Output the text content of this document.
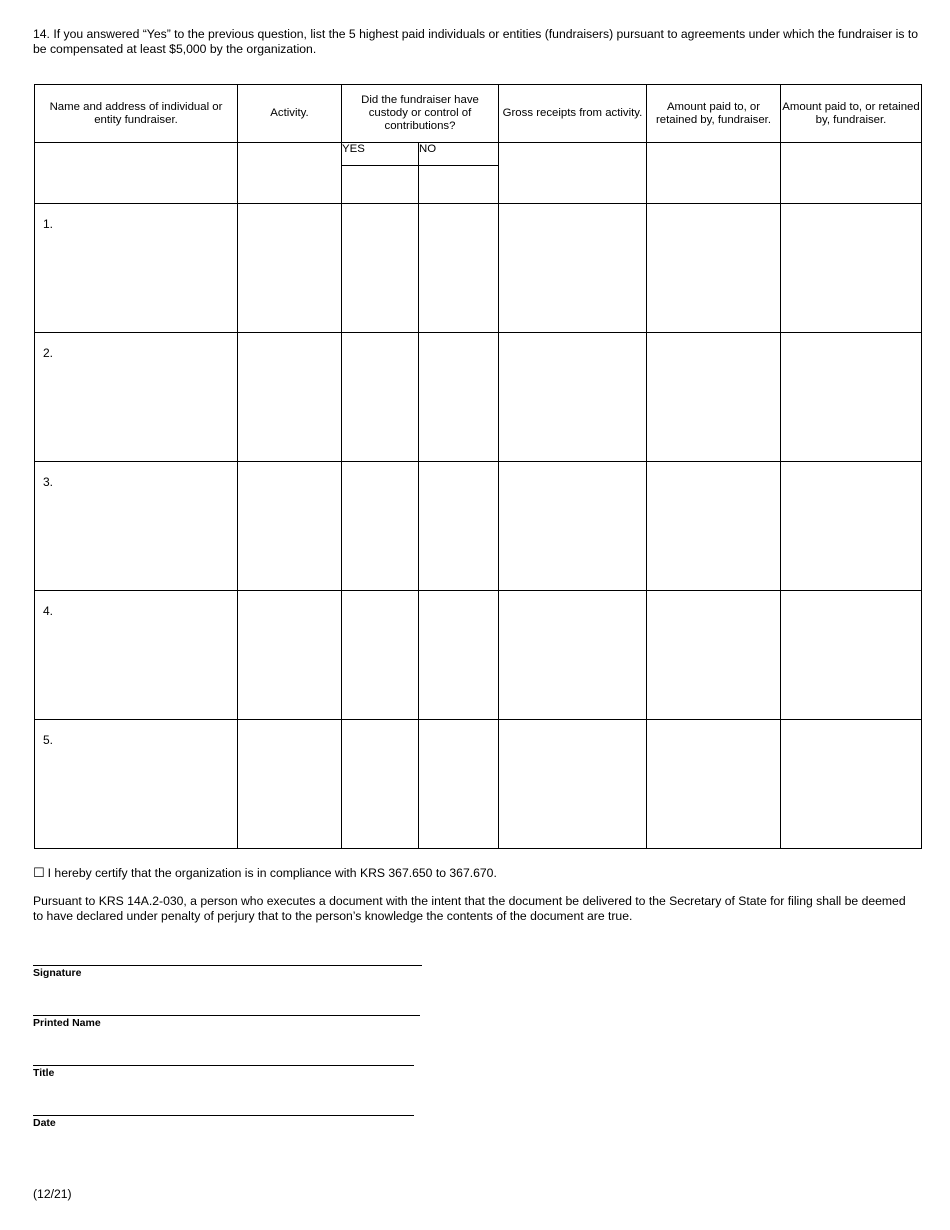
14. If you answered “Yes” to the previous question, list the 5 highest paid individuals or entities (fundraisers) pursuant to agreements under which the fundraiser is to be compensated at least $5,000 by the organization.
Name and address of individual or entity fundraiser.	Activity.	Did the fundraiser have custody or control of contributions?		Gross receipts from activity.	Amount paid to, or retained by, fundraiser.	Amount paid to, or retained by, fundraiser.
		YES	NO			

1.						

2.						

3.						

4.						

5.						

☐ I hereby certify that the organization is in compliance with KRS 367.650 to 367.670.
Pursuant to KRS 14A.2-030, a person who executes a document with the intent that the document be delivered to the Secretary of State for filing shall be deemed to have declared under penalty of perjury that to the person’s knowledge the contents of the document are true.
Signature
Printed Name
Title
Date
(12/21)
